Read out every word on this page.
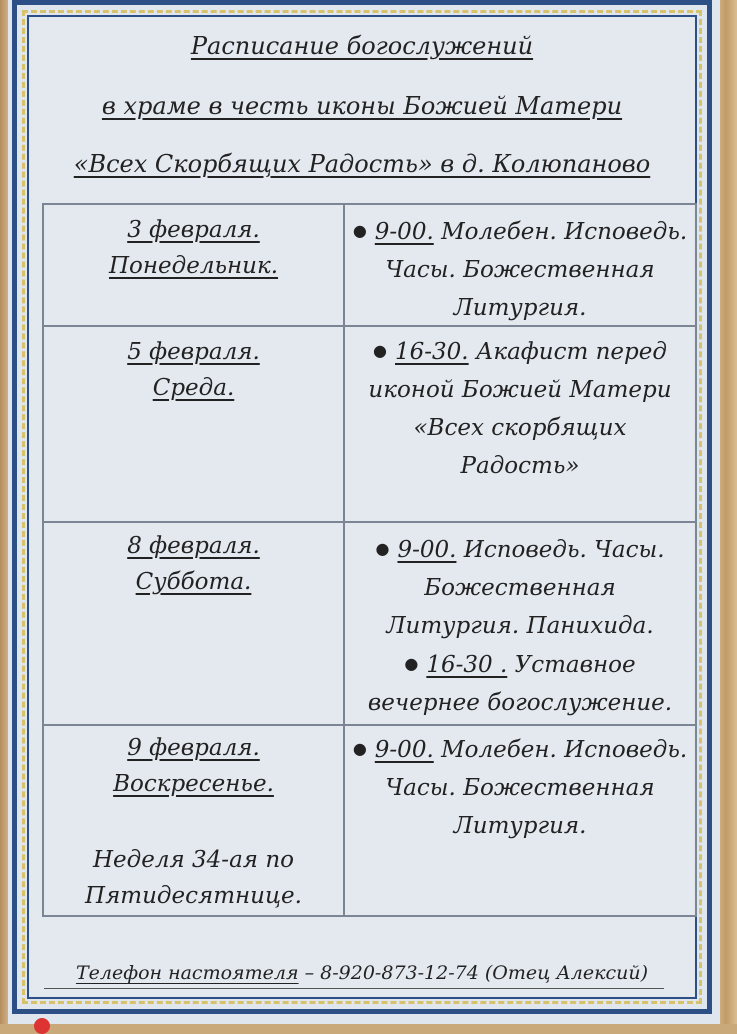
Расписание богослужений
в храме в честь иконы Божией Матери
«Всех Скорбящих Радость» в д. Колюпаново
3 февраля.
Понедельник.
● 9-00. Молебен. Исповедь.
Часы. Божественная
Литургия.
5 февраля.
Среда.
● 16-30. Акафист перед
иконой Божией Матери
«Всех скорбящих
Радость»
8 февраля.
Суббота.
● 9-00. Исповедь. Часы.
Божественная
Литургия. Панихида.
● 16-30 . Уставное
вечернее богослужение.
9 февраля.
Воскресенье.
Неделя 34-ая по
Пятидесятнице.
● 9-00. Молебен. Исповедь.
Часы. Божественная
Литургия.
Телефон настоятеля – 8-920-873-12-74 (Отец Алексий)
